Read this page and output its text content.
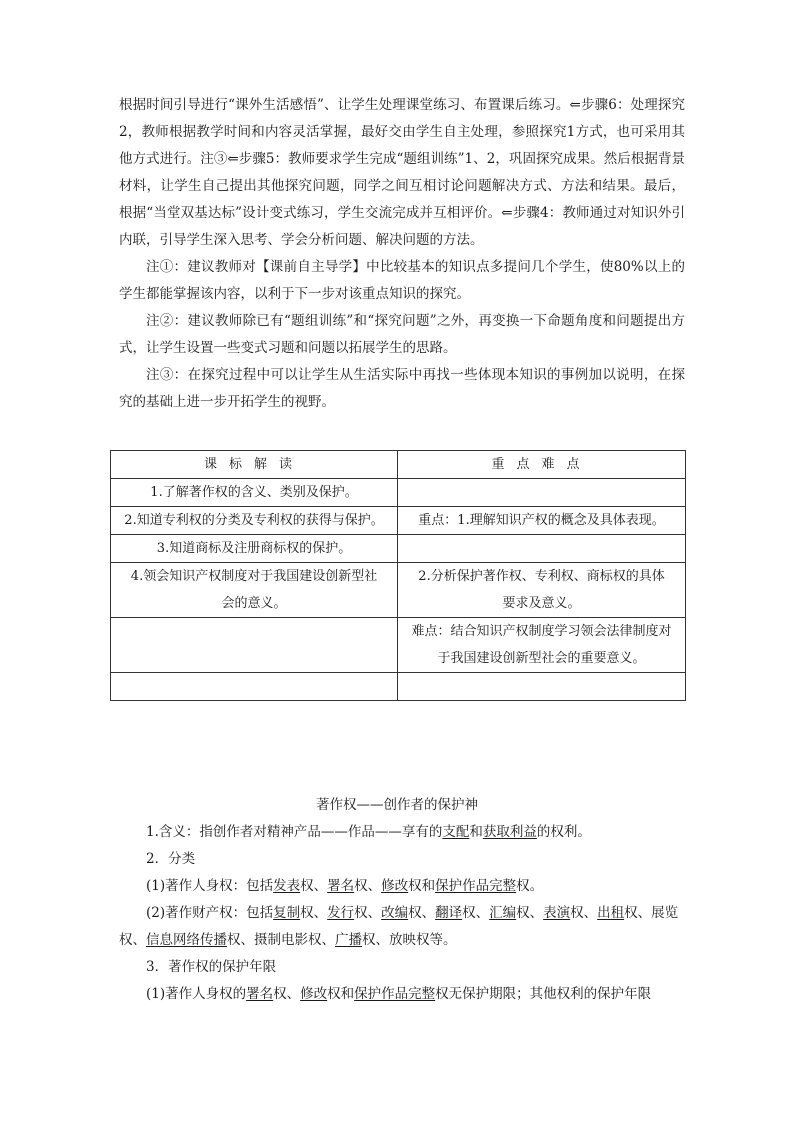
根据时间引导进行“课外生活感悟”、让学生处理课堂练习、布置课后练习。⇐步骤6：处理探究2，教师根据教学时间和内容灵活掌握，最好交由学生自主处理，参照探究1方式，也可采用其他方式进行。注③⇐步骤5：教师要求学生完成“题组训练”1、2，巩固探究成果。然后根据背景材料，让学生自己提出其他探究问题，同学之间互相讨论问题解决方式、方法和结果。最后，根据“当堂双基达标”设计变式练习，学生交流完成并互相评价。⇐步骤4：教师通过对知识外引内联，引导学生深入思考、学会分析问题、解决问题的方法。

注①：建议教师对【课前自主导学】中比较基本的知识点多提问几个学生，使80%以上的学生都能掌握该内容，以利于下一步对该重点知识的探究。

注②：建议教师除已有“题组训练”和“探究问题”之外，再变换一下命题角度和问题提出方式，让学生设置一些变式习题和问题以拓展学生的思路。

注③：在探究过程中可以让学生从生活实际中再找一些体现本知识的事例加以说明，在探究的基础上进一步开拓学生的视野。

课标解读	重点难点
1.了解著作权的含义、类别及保护。	
2.知道专利权的分类及专利权的获得与保护。	重点：1.理解知识产权的概念及具体表现。
3.知道商标及注册商标权的保护。	
4.领会知识产权制度对于我国建设创新型社会的意义。	2.分析保护著作权、专利权、商标权的具体要求及意义。
	难点：结合知识产权制度学习领会法律制度对于我国建设创新型社会的重要意义。

著作权——创作者的保护神

1.含义：指创作者对精神产品——作品——享有的支配和获取利益的权利。

2．分类

(1)著作人身权：包括发表权、署名权、修改权和保护作品完整权。

(2)著作财产权：包括复制权、发行权、改编权、翻译权、汇编权、表演权、出租权、展览权、信息网络传播权、摄制电影权、广播权、放映权等。

3．著作权的保护年限

(1)著作人身权的署名权、修改权和保护作品完整权无保护期限；其他权利的保护年限
